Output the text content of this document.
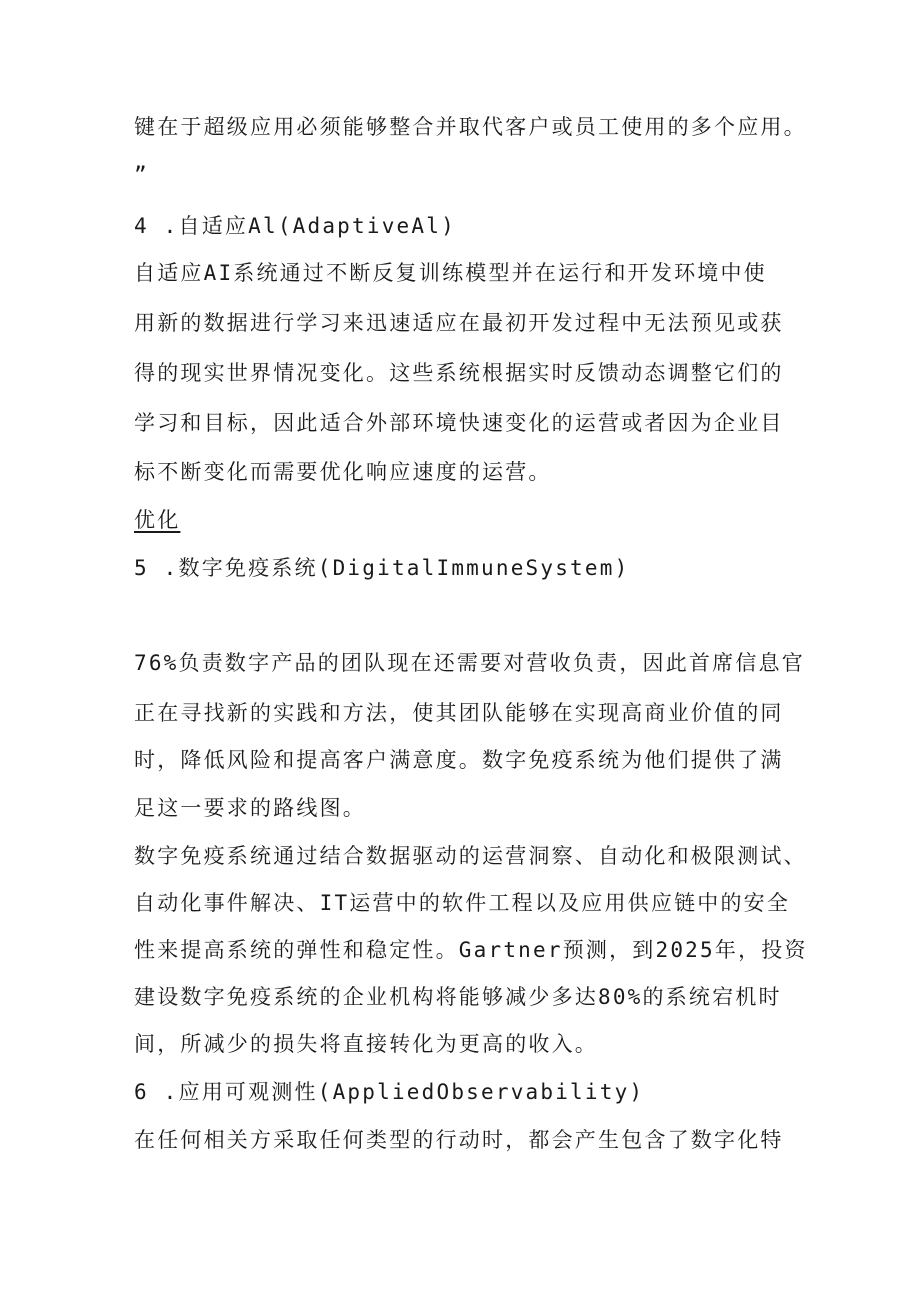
键在于超级应用必须能够整合并取代客户或员工使用的多个应用。
”
4 .自适应Al(AdaptiveAl)
自适应AI系统通过不断反复训练模型并在运行和开发环境中使
用新的数据进行学习来迅速适应在最初开发过程中无法预见或获
得的现实世界情况变化。这些系统根据实时反馈动态调整它们的
学习和目标，因此适合外部环境快速变化的运营或者因为企业目
标不断变化而需要优化响应速度的运营。
优化
5 .数字免疫系统(DigitalImmuneSystem)
76%负责数字产品的团队现在还需要对营收负责，因此首席信息官
正在寻找新的实践和方法，使其团队能够在实现高商业价值的同
时，降低风险和提高客户满意度。数字免疫系统为他们提供了满
足这一要求的路线图。
数字免疫系统通过结合数据驱动的运营洞察、自动化和极限测试、
自动化事件解决、IT运营中的软件工程以及应用供应链中的安全
性来提高系统的弹性和稳定性。Gartner预测，到2025年，投资
建设数字免疫系统的企业机构将能够减少多达80%的系统宕机时
间，所减少的损失将直接转化为更高的收入。
6 .应用可观测性(AppliedObservability)
在任何相关方采取任何类型的行动时，都会产生包含了数字化特
